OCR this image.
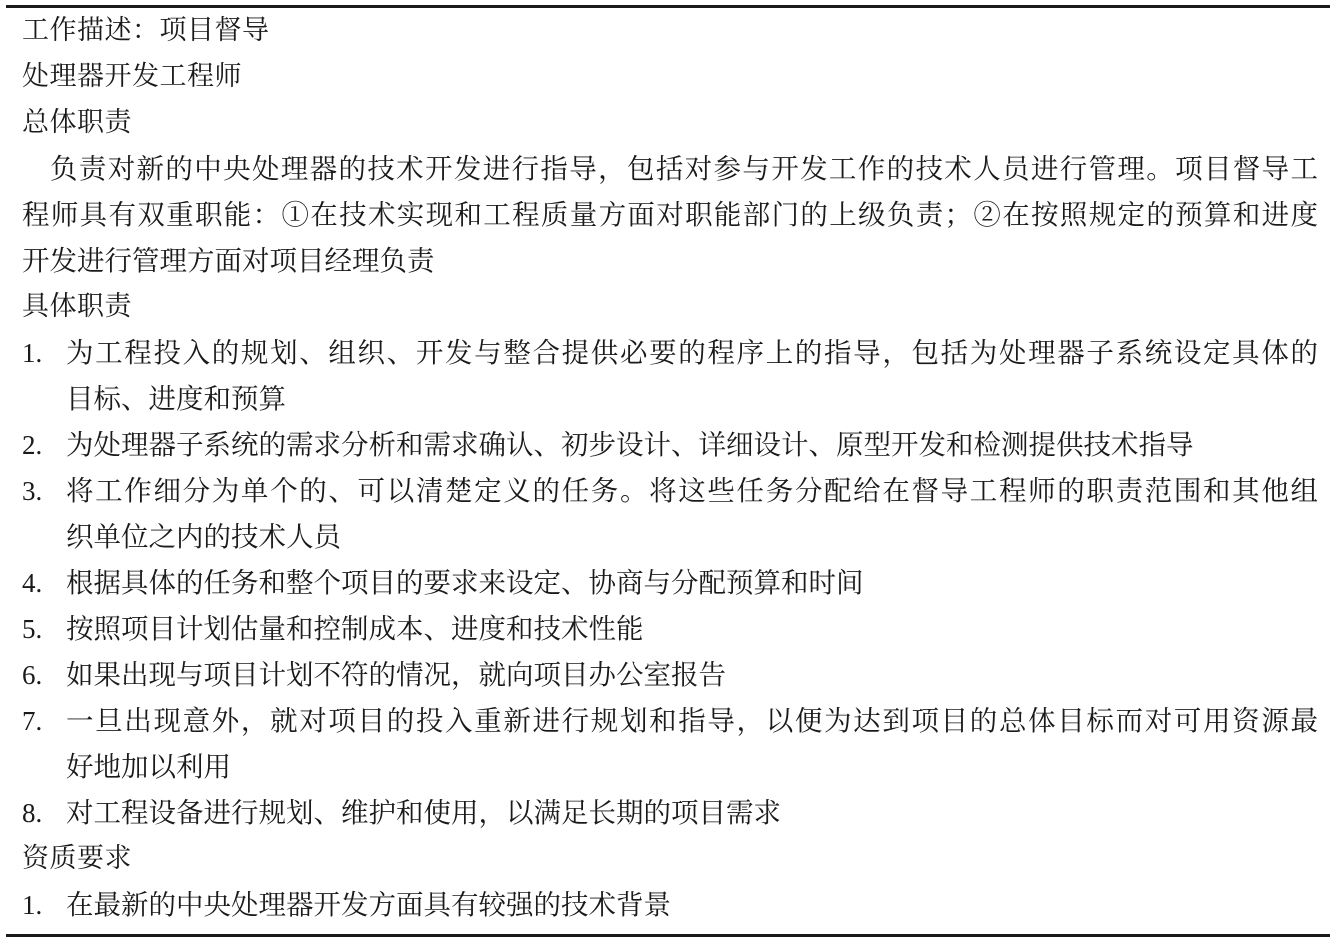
工作描述：项目督导
处理器开发工程师
总体职责
负责对新的中央处理器的技术开发进行指导，包括对参与开发工作的技术人员进行管理。项目督导工
程师具有双重职能：①在技术实现和工程质量方面对职能部门的上级负责；②在按照规定的预算和进度
开发进行管理方面对项目经理负责
具体职责
1. 为工程投入的规划、组织、开发与整合提供必要的程序上的指导，包括为处理器子系统设定具体的
目标、进度和预算
2. 为处理器子系统的需求分析和需求确认、初步设计、详细设计、原型开发和检测提供技术指导
3. 将工作细分为单个的、可以清楚定义的任务。将这些任务分配给在督导工程师的职责范围和其他组
织单位之内的技术人员
4. 根据具体的任务和整个项目的要求来设定、协商与分配预算和时间
5. 按照项目计划估量和控制成本、进度和技术性能
6. 如果出现与项目计划不符的情况，就向项目办公室报告
7. 一旦出现意外，就对项目的投入重新进行规划和指导，以便为达到项目的总体目标而对可用资源最
好地加以利用
8. 对工程设备进行规划、维护和使用，以满足长期的项目需求
资质要求
1. 在最新的中央处理器开发方面具有较强的技术背景
